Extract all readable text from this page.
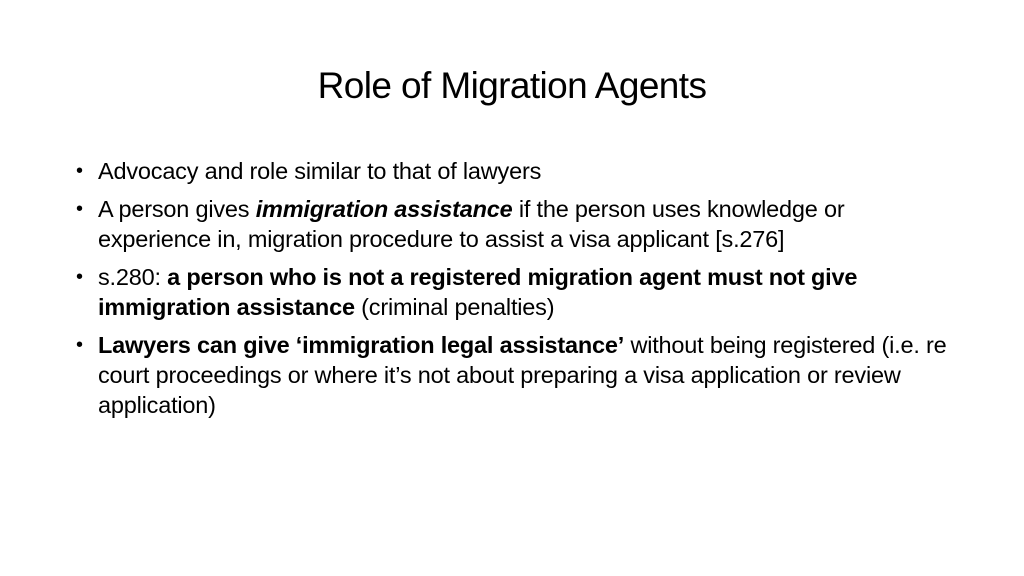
Role of Migration Agents
• Advocacy and role similar to that of lawyers
• A person gives immigration assistance if the person uses knowledge or experience in, migration procedure to assist a visa applicant [s.276]
• s.280: a person who is not a registered migration agent must not give immigration assistance (criminal penalties)
• Lawyers can give ‘immigration legal assistance’ without being registered (i.e. re court proceedings or where it’s not about preparing a visa application or review application)
